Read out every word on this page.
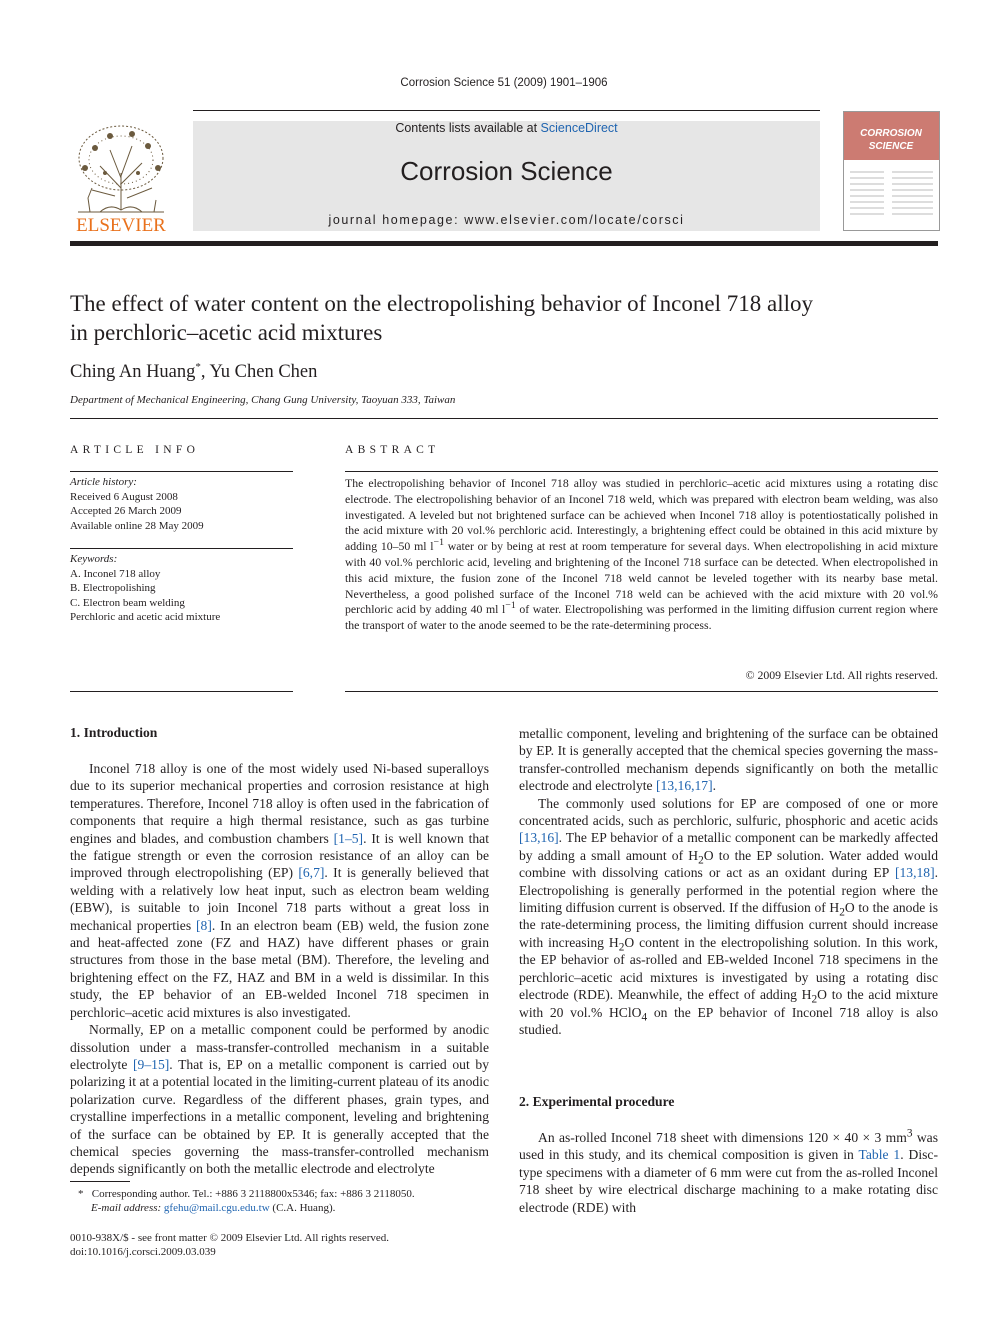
Corrosion Science 51 (2009) 1901–1906
ELSEVIER
Contents lists available at ScienceDirect
Corrosion Science
journal homepage: www.elsevier.com/locate/corsci
CORROSION
SCIENCE
The effect of water content on the electropolishing behavior of Inconel 718 alloy
in perchloric–acetic acid mixtures
Ching An Huang*, Yu Chen Chen
Department of Mechanical Engineering, Chang Gung University, Taoyuan 333, Taiwan
ARTICLE INFO
Article history:
Received 6 August 2008
Accepted 26 March 2009
Available online 28 May 2009
Keywords:
A. Inconel 718 alloy
B. Electropolishing
C. Electron beam welding
Perchloric and acetic acid mixture
ABSTRACT
The electropolishing behavior of Inconel 718 alloy was studied in perchloric–acetic acid mixtures using a rotating disc electrode. The electropolishing behavior of an Inconel 718 weld, which was prepared with electron beam welding, was also investigated. A leveled but not brightened surface can be achieved when Inconel 718 alloy is potentiostatically polished in the acid mixture with 20 vol.% perchloric acid. Interestingly, a brightening effect could be obtained in this acid mixture by adding 10–50 ml $l^{-1}$ water or by being at rest at room temperature for several days. When electropolishing in acid mixture with 40 vol.% perchloric acid, leveling and brightening of the Inconel 718 surface can be detected. When electropolished in this acid mixture, the fusion zone of the Inconel 718 weld cannot be leveled together with its nearby base metal. Nevertheless, a good polished surface of the Inconel 718 weld can be achieved with the acid mixture with 20 vol.% perchloric acid by adding 40 ml $l^{-1}$ of water. Electropolishing was performed in the limiting diffusion current region where the transport of water to the anode seemed to be the rate-determining process.
© 2009 Elsevier Ltd. All rights reserved.
1. Introduction

Inconel 718 alloy is one of the most widely used Ni-based superalloys due to its superior mechanical properties and corrosion resistance at high temperatures. Therefore, Inconel 718 alloy is often used in the fabrication of components that require a high thermal resistance, such as gas turbine engines and blades, and combustion chambers [1–5]. It is well known that the fatigue strength or even the corrosion resistance of an alloy can be improved through electropolishing (EP) [6,7]. It is generally believed that welding with a relatively low heat input, such as electron beam welding (EBW), is suitable to join Inconel 718 parts without a great loss in mechanical properties [8]. In an electron beam (EB) weld, the fusion zone and heat-affected zone (FZ and HAZ) have different phases or grain structures from those in the base metal (BM). Therefore, the leveling and brightening effect on the FZ, HAZ and BM in a weld is dissimilar. In this study, the EP behavior of an EB-welded Inconel 718 specimen in perchloric–acetic acid mixtures is also investigated.

Normally, EP on a metallic component could be performed by anodic dissolution under a mass-transfer-controlled mechanism in a suitable electrolyte [9–15]. That is, EP on a metallic component is carried out by polarizing it at a potential located in the limiting-current plateau of its anodic polarization curve. Regardless of the different phases, grain types, and crystalline imperfections in a metallic component, leveling and brightening of the surface can be obtained by EP. It is generally accepted that the chemical species governing the mass-transfer-controlled mechanism depends significantly on both the metallic electrode and electrolyte

metallic component, leveling and brightening of the surface can be obtained by EP. It is generally accepted that the chemical species governing the mass-transfer-controlled mechanism depends significantly on both the metallic electrode and electrolyte [13,16,17].

The commonly used solutions for EP are composed of one or more concentrated acids, such as perchloric, sulfuric, phosphoric and acetic acids [13,16]. The EP behavior of a metallic component can be markedly affected by adding a small amount of $H_2O$ to the EP solution. Water added would combine with dissolving cations or act as an oxidant during EP [13,18]. Electropolishing is generally performed in the potential region where the limiting diffusion current is observed. If the diffusion of $H_2O$ to the anode is the rate-determining process, the limiting diffusion current should increase with increasing $H_2O$ content in the electropolishing solution. In this work, the EP behavior of as-rolled and EB-welded Inconel 718 specimens in the perchloric–acetic acid mixtures is investigated by using a rotating disc electrode (RDE). Meanwhile, the effect of adding $H_2O$ to the acid mixture with 20 vol.% HClO$_4$ on the EP behavior of Inconel 718 alloy is also studied.

2. Experimental procedure

An as-rolled Inconel 718 sheet with dimensions 120 × 40 × 3 $mm^3$ was used in this study, and its chemical composition is given in Table 1. Disc-type specimens with a diameter of 6 mm were cut from the as-rolled Inconel 718 sheet by wire electrical discharge machining to a make rotating disc electrode (RDE) with

* Corresponding author. Tel.: +886 3 2118800x5346; fax: +886 3 2118050.
E-mail address: gfehu@mail.cgu.edu.tw (C.A. Huang).
0010-938X/$ - see front matter © 2009 Elsevier Ltd. All rights reserved.
doi:10.1016/j.corsci.2009.03.039
